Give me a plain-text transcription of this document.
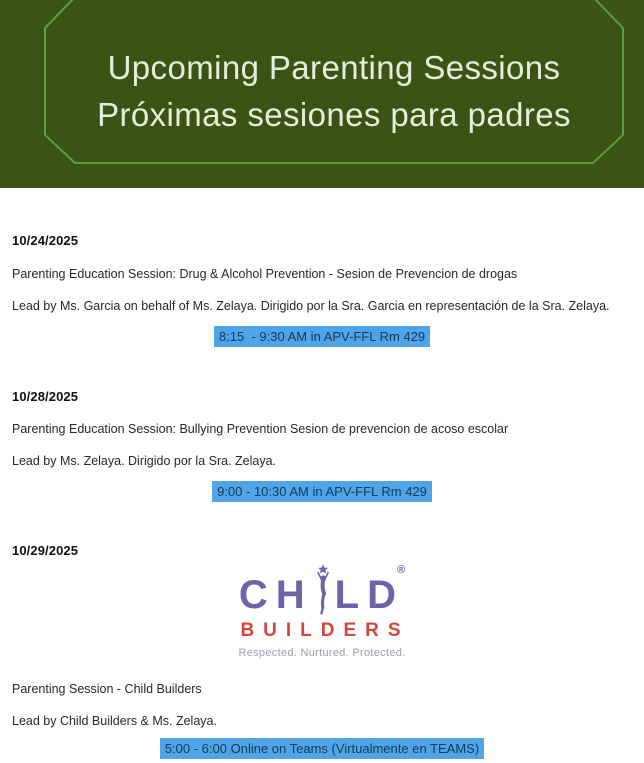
Upcoming Parenting Sessions
Próximas sesiones para padres

10/24/2025

Parenting Education Session: Drug & Alcohol Prevention - Sesion de Prevencion de drogas

Lead by Ms. Garcia on behalf of Ms. Zelaya. Dirigido por la Sra. Garcia en representación de la Sra. Zelaya.

8:15  - 9:30 AM in APV-FFL Rm 429

10/28/2025

Parenting Education Session: Bullying Prevention Sesion de prevencion de acoso escolar

Lead by Ms. Zelaya. Dirigido por la Sra. Zelaya.

9:00 - 10:30 AM in APV-FFL Rm 429

10/29/2025

CH LD
®
BUILDERS
Respected. Nurtured. Protected.

Parenting Session - Child Builders

Lead by Child Builders & Ms. Zelaya.

5:00 - 6:00 Online on Teams (Virtualmente en TEAMS)
